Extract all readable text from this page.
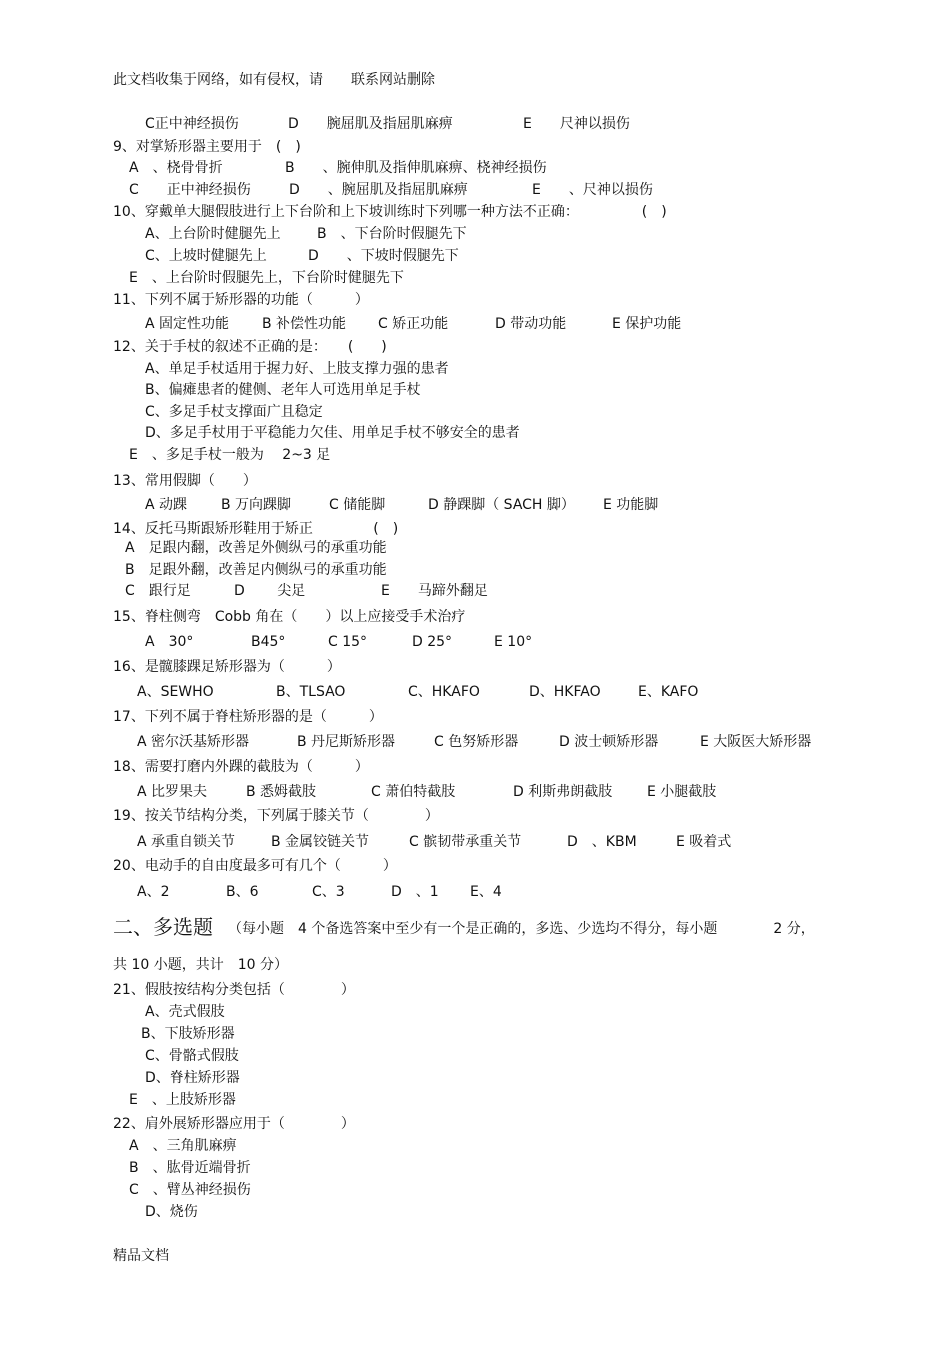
此文档收集于网络，如有侵权，请　　联系网站删除
C正中神经损伤	D　　腕屈肌及指屈肌麻痹	E　　尺神以损伤
9、对掌矫形器主要用于　(　)
A　、桡骨骨折	B　　、腕伸肌及指伸肌麻痹、桡神经损伤
C　　正中神经损伤	D　　、腕屈肌及指屈肌麻痹	E　　、尺神以损伤
10、穿戴单大腿假肢进行上下台阶和上下坡训练时下列哪一种方法不正确：　　　　　(　)
A、上台阶时健腿先上	B　、下台阶时假腿先下
C、上坡时健腿先上	D　　、下坡时假腿先下
E　、上台阶时假腿先上，下台阶时健腿先下
11、下列不属于矫形器的功能（　　　）
A 固定性功能 B 补偿性功能 C 矫正功能	D 带动功能	E 保护功能
12、关于手杖的叙述不正确的是：　　(　　)
A、单足手杖适用于握力好、上肢支撑力强的患者
B、偏瘫患者的健侧、老年人可选用单足手杖
C、多足手杖支撑面广且稳定
D、多足手杖用于平稳能力欠佳、用单足手杖不够安全的患者
E　、多足手杖一般为　 2~3 足
13、常用假脚（　　）
A 动踝 B 万向踝脚	C 储能脚	D 静踝脚（ SACH 脚） E 功能脚
14、反托马斯跟矫形鞋用于矫正　　　　 (　)
A　足跟内翻，改善足外侧纵弓的承重功能
B　足跟外翻，改善足内侧纵弓的承重功能
C　跟行足	D　　 尖足	E　　马蹄外翻足
15、脊柱侧弯　Cobb 角在（　　）以上应接受手术治疗
A　30°	B45°	C 15°	D 25°	E 10°
16、是髋膝踝足矫形器为（　　　）
A、SEWHO	B、TLSAO	C、HKAFO	D、HKFAO	E、KAFO
17、下列不属于脊柱矫形器的是（　　　）
A 密尔沃基矫形器	B 丹尼斯矫形器	C 色努矫形器	D 波士顿矫形器	E 大阪医大矫形器
18、需要打磨内外踝的截肢为（　　　）
A 比罗果夫	B 悉姆截肢	C 萧伯特截肢	D 利斯弗朗截肢 E 小腿截肢
19、按关节结构分类，下列属于膝关节（　　　　）
A 承重自锁关节	B 金属铰链关节	C 髌韧带承重关节	D　、KBM	E 吸着式
20、电动手的自由度最多可有几个（　　　）
A、2	B、6	C、3	D　、1 E、4
二、多选题 （每小题　4 个备选答案中至少有一个是正确的，多选、少选均不得分，每小题　　　　2 分，
共 10 小题，共计　10 分）
21、假肢按结构分类包括（　　　　）
A、壳式假肢
B、下肢矫形器
C、骨骼式假肢
D、脊柱矫形器
E　、上肢矫形器
22、肩外展矫形器应用于（　　　　）
A　、三角肌麻痹
B　、肱骨近端骨折
C　、臂丛神经损伤
D、烧伤
精品文档
